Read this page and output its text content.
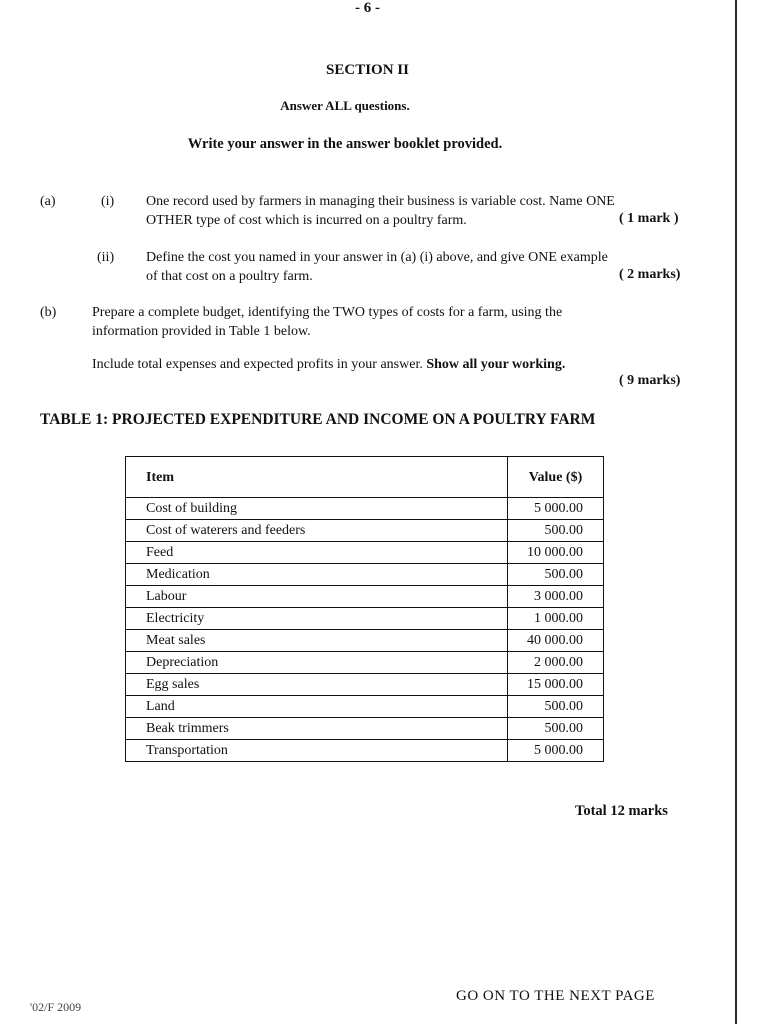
- 6 -
SECTION II
Answer ALL questions.
Write your answer in the answer booklet provided.
(a)	(i) One record used by farmers in managing their business is variable cost. Name ONE
OTHER type of cost which is incurred on a poultry farm.	( 1 mark )
(ii) Define the cost you named in your answer in (a) (i) above, and give ONE example
of that cost on a poultry farm.	( 2 marks)
(b)	Prepare a complete budget, identifying the TWO types of costs for a farm, using the
information provided in Table 1 below.
Include total expenses and expected profits in your answer. Show all your working.
( 9 marks)
TABLE 1: PROJECTED EXPENDITURE AND INCOME ON A POULTRY FARM
Item	Value ($)
Cost of building	5 000.00
Cost of waterers and feeders	500.00
Feed	10 000.00
Medication	500.00
Labour	3 000.00
Electricity	1 000.00
Meat sales	40 000.00
Depreciation	2 000.00
Egg sales	15 000.00
Land	500.00
Beak trimmers	500.00
Transportation	5 000.00
Total 12 marks
'02/F 2009
GO ON TO THE NEXT PAGE
